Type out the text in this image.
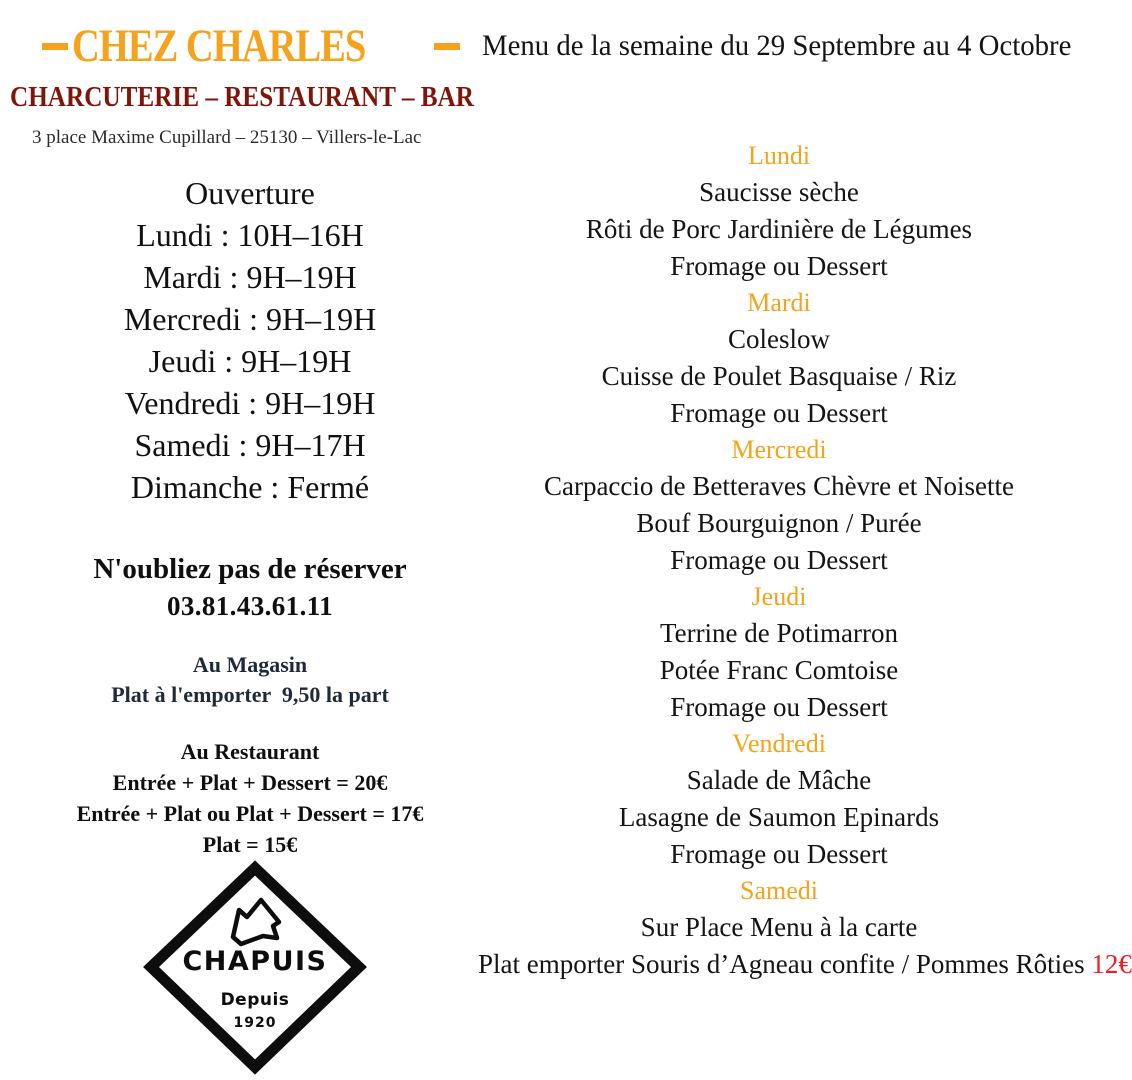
CHEZ CHARLES	Menu de la semaine du 29 Septembre au 4 Octobre
CHARCUTERIE – RESTAURANT – BAR
3 place Maxime Cupillard – 25130 – Villers-le-Lac
Ouverture
Lundi : 10H–16H
Mardi : 9H–19H
Mercredi : 9H–19H
Jeudi : 9H–19H
Vendredi : 9H–19H
Samedi : 9H–17H
Dimanche : Fermé
N'oubliez pas de réserver
03.81.43.61.11
Au Magasin
Plat à l'emporter  9,50 la part
Au Restaurant
Entrée + Plat + Dessert = 20€
Entrée + Plat ou Plat + Dessert = 17€
Plat = 15€
CHAPUIS
Depuis
1920
Lundi
Saucisse sèche
Rôti de Porc Jardinière de Légumes
Fromage ou Dessert
Mardi
Coleslow
Cuisse de Poulet Basquaise / Riz
Fromage ou Dessert
Mercredi
Carpaccio de Betteraves Chèvre et Noisette
Bouf Bourguignon / Purée
Fromage ou Dessert
Jeudi
Terrine de Potimarron
Potée Franc Comtoise
Fromage ou Dessert
Vendredi
Salade de Mâche
Lasagne de Saumon Epinards
Fromage ou Dessert
Samedi
Sur Place Menu à la carte
Plat emporter Souris d’Agneau confite / Pommes Rôties 12€
